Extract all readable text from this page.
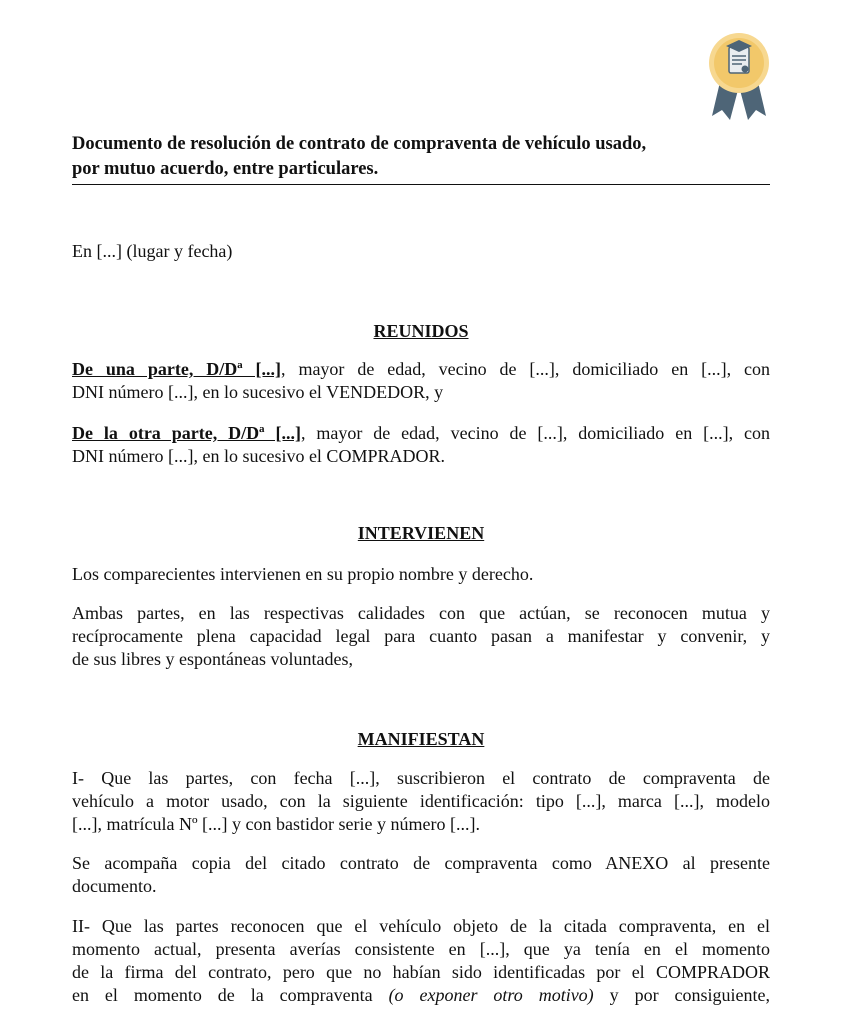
Documento de resolución de contrato de compraventa de vehículo usado,
por mutuo acuerdo, entre particulares.
En [...] (lugar y fecha)
REUNIDOS
De una parte, D/Dª [...], mayor de edad, vecino de [...], domiciliado en [...], con
DNI número [...], en lo sucesivo el VENDEDOR, y
De la otra parte, D/Dª [...], mayor de edad, vecino de [...], domiciliado en [...], con
DNI número [...], en lo sucesivo el COMPRADOR.
INTERVIENEN
Los comparecientes intervienen en su propio nombre y derecho.
Ambas partes, en las respectivas calidades con que actúan, se reconocen mutua y
recíprocamente plena capacidad legal para cuanto pasan a manifestar y convenir, y
de sus libres y espontáneas voluntades,
MANIFIESTAN
I- Que las partes, con fecha [...], suscribieron el contrato de compraventa de
vehículo a motor usado, con la siguiente identificación: tipo [...], marca [...], modelo
[...], matrícula Nº [...] y con bastidor serie y número [...].
Se acompaña copia del citado contrato de compraventa como ANEXO al presente
documento.
II- Que las partes reconocen que el vehículo objeto de la citada compraventa, en el
momento actual, presenta averías consistente en [...], que ya tenía en el momento
de la firma del contrato, pero que no habían sido identificadas por el COMPRADOR
en el momento de la compraventa (o exponer otro motivo) y por consiguiente,
